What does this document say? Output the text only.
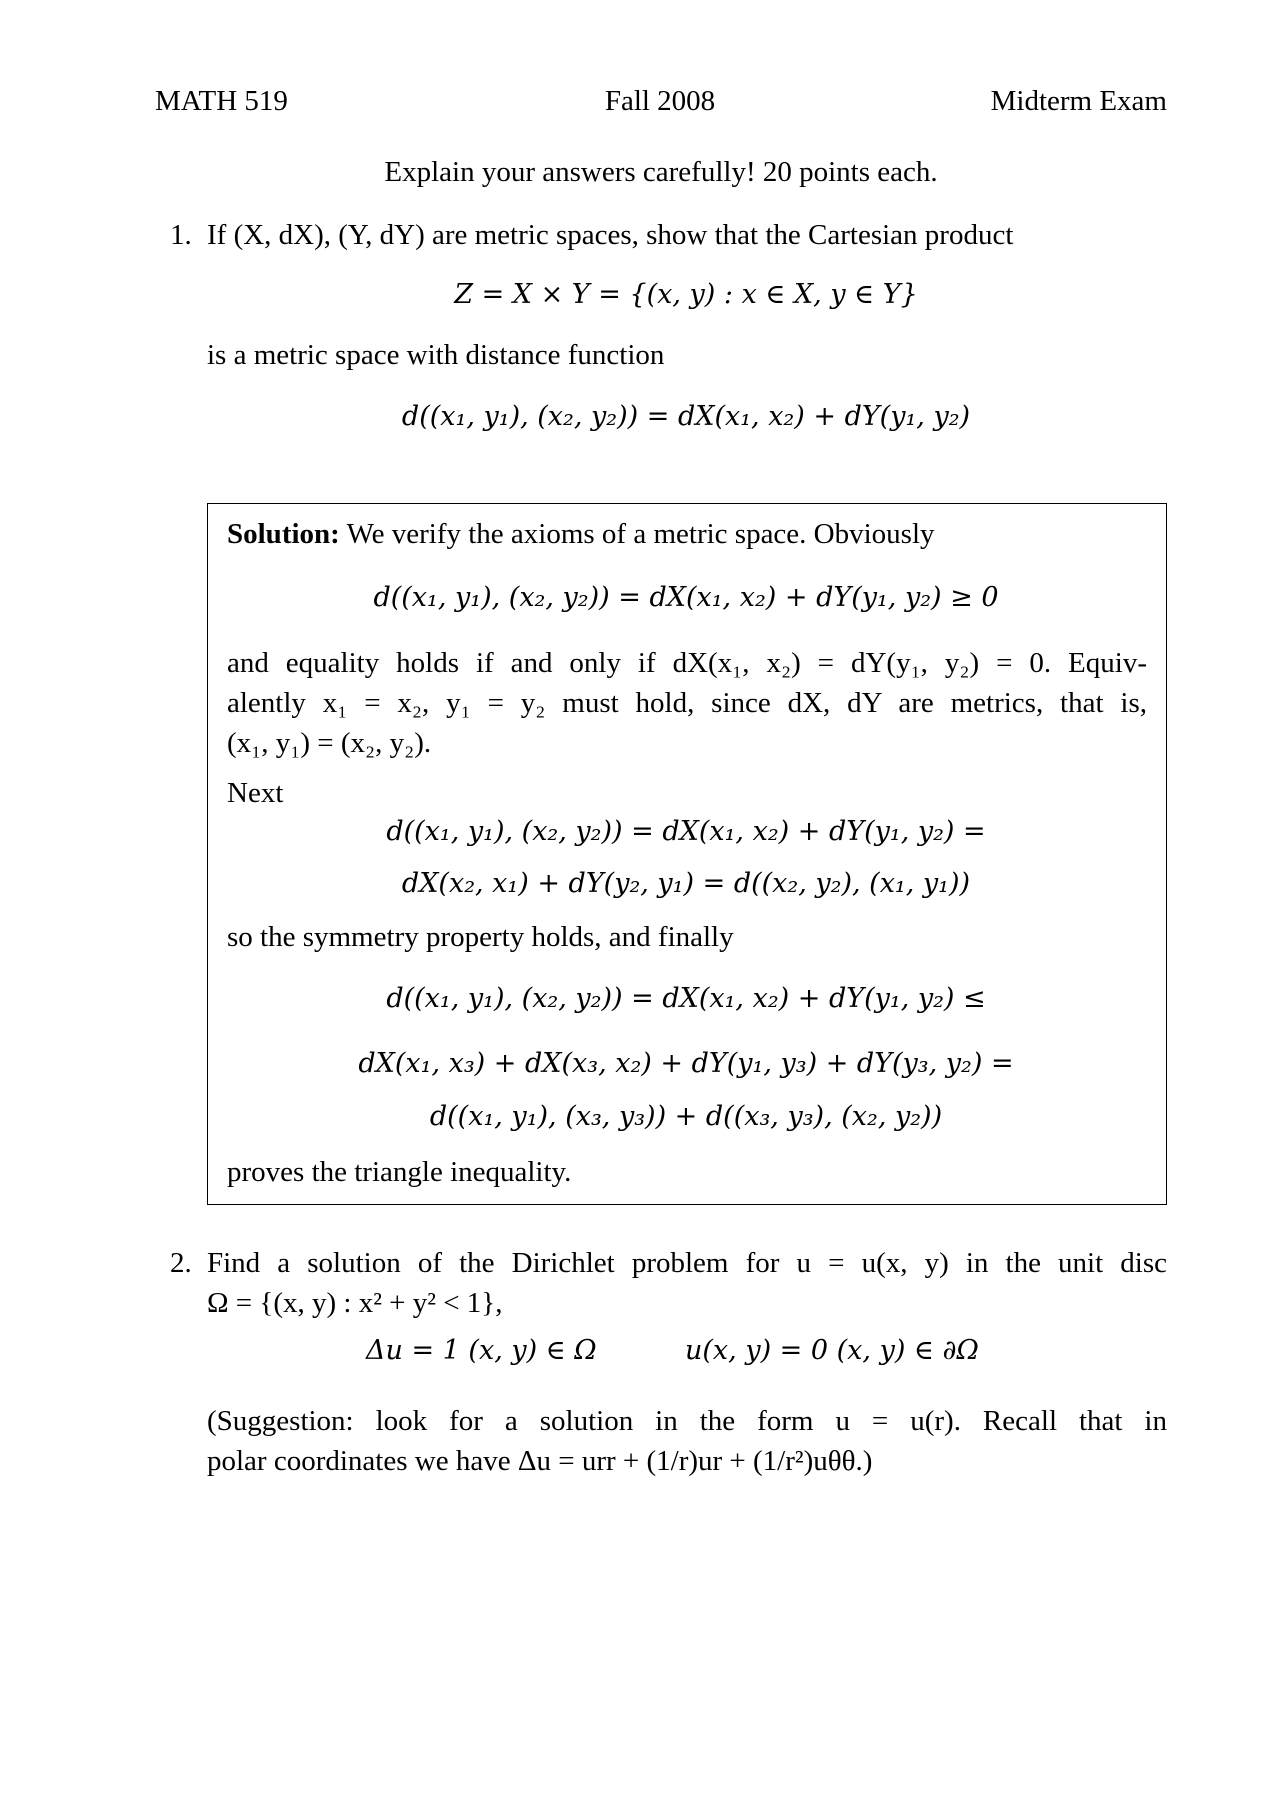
MATH 519	Fall 2008	Midterm Exam
Explain your answers carefully! 20 points each.
1. If (X, dX), (Y, dY) are metric spaces, show that the Cartesian product
Z = X × Y = {(x, y) : x ∈ X, y ∈ Y}
is a metric space with distance function
d((x₁, y₁), (x₂, y₂)) = dX(x₁, x₂) + dY(y₁, y₂)
Solution: We verify the axioms of a metric space. Obviously
d((x₁, y₁), (x₂, y₂)) = dX(x₁, x₂) + dY(y₁, y₂) ≥ 0
and equality holds if and only if dX(x₁, x₂) = dY(y₁, y₂) = 0. Equiv-
alently x₁ = x₂, y₁ = y₂ must hold, since dX, dY are metrics, that is,
(x₁, y₁) = (x₂, y₂).
Next
d((x₁, y₁), (x₂, y₂)) = dX(x₁, x₂) + dY(y₁, y₂) =
dX(x₂, x₁) + dY(y₂, y₁) = d((x₂, y₂), (x₁, y₁))
so the symmetry property holds, and finally
d((x₁, y₁), (x₂, y₂)) = dX(x₁, x₂) + dY(y₁, y₂) ≤
dX(x₁, x₃) + dX(x₃, x₂) + dY(y₁, y₃) + dY(y₃, y₂) =
d((x₁, y₁), (x₃, y₃)) + d((x₃, y₃), (x₂, y₂))
proves the triangle inequality.
2. Find a solution of the Dirichlet problem for u = u(x, y) in the unit disc
Ω = {(x, y) : x² + y² < 1},
Δu = 1 (x, y) ∈ Ω	u(x, y) = 0 (x, y) ∈ ∂Ω
(Suggestion: look for a solution in the form u = u(r). Recall that in
polar coordinates we have Δu = urr + (1/r)ur + (1/r²)uθθ.)
